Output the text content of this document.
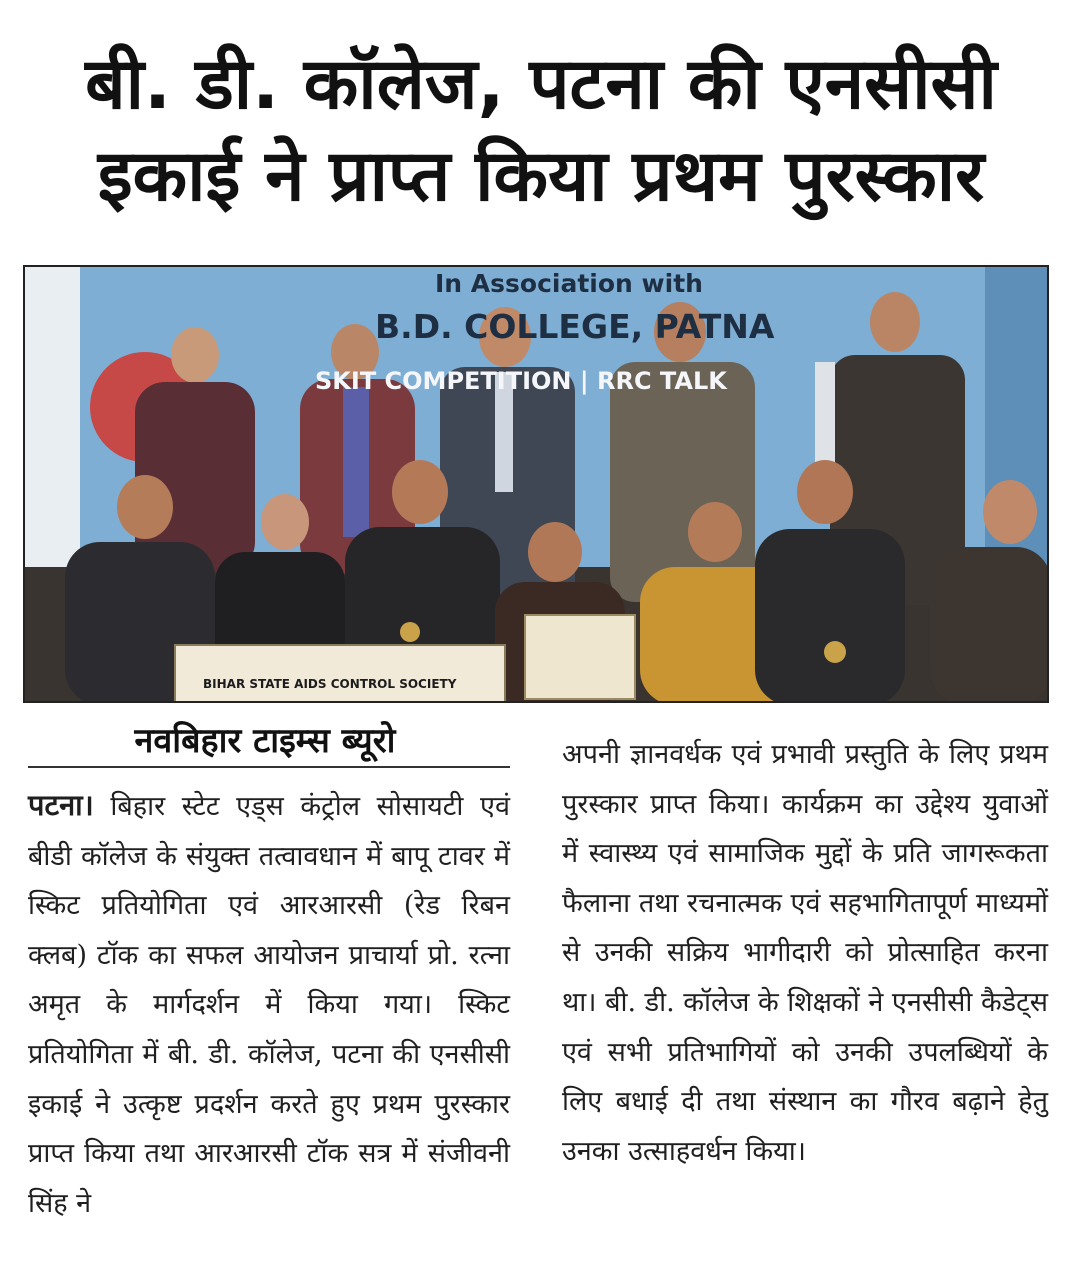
बी. डी. कॉलेज, पटना की एनसीसी
इकाई ने प्राप्त किया प्रथम पुरस्कार
In Association with
B.D. COLLEGE, PATNA
SKIT COMPETITION | RRC TALK
BIHAR STATE AIDS CONTROL SOCIETY
नवबिहार टाइम्स ब्यूरो

पटना। बिहार स्टेट एड्स कंट्रोल सोसायटी एवं बीडी कॉलेज के संयुक्त तत्वावधान में बापू टावर में स्किट प्रतियोगिता एवं आरआरसी (रेड रिबन क्लब) टॉक का सफल आयोजन प्राचार्या प्रो. रत्ना अमृत के मार्गदर्शन में किया गया। स्किट प्रतियोगिता में बी. डी. कॉलेज, पटना की एनसीसी इकाई ने उत्कृष्ट प्रदर्शन करते हुए प्रथम पुरस्कार प्राप्त किया तथा आरआरसी टॉक सत्र में संजीवनी सिंह ने

अपनी ज्ञानवर्धक एवं प्रभावी प्रस्तुति के लिए प्रथम पुरस्कार प्राप्त किया। कार्यक्रम का उद्देश्य युवाओं में स्वास्थ्य एवं सामाजिक मुद्दों के प्रति जागरूकता फैलाना तथा रचनात्मक एवं सहभागितापूर्ण माध्यमों से उनकी सक्रिय भागीदारी को प्रोत्साहित करना था। बी. डी. कॉलेज के शिक्षकों ने एनसीसी कैडेट्स एवं सभी प्रतिभागियों को उनकी उपलब्धियों के लिए बधाई दी तथा संस्थान का गौरव बढ़ाने हेतु उनका उत्साहवर्धन किया।
